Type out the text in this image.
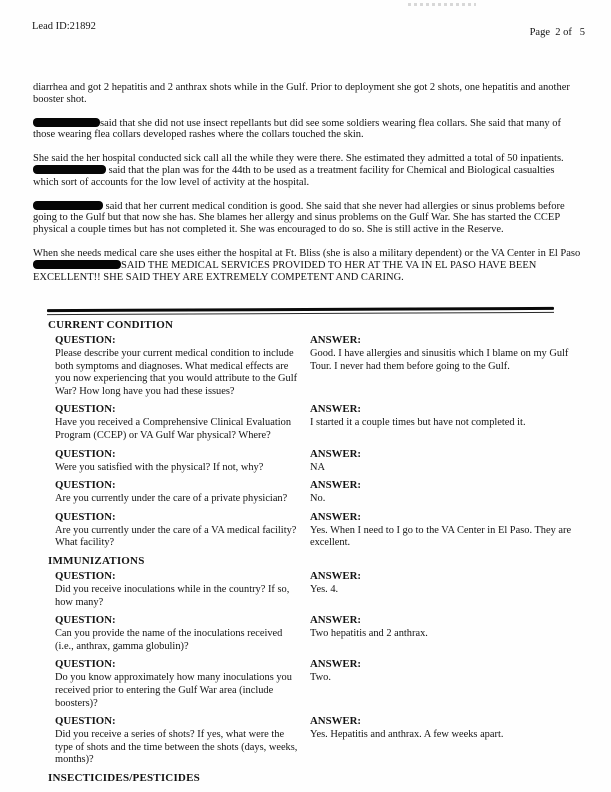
Lead ID:21892
Page  2 of   5
diarrhea and got 2 hepatitis and 2 anthrax shots while in the Gulf. Prior to deployment she got 2 shots, one hepatitis and another booster shot.
said that she did not use insect repellants but did see some soldiers wearing flea collars. She said that many of those wearing flea collars developed rashes where the collars touched the skin.
She said the her hospital conducted sick call all the while they were there. She estimated they admitted a total of 50 inpatients.  said that the plan was for the 44th to be used as a treatment facility for Chemical and Biological casualties which sort of accounts for the low level of activity at the hospital.
said that her current medical condition is good. She said that she never had allergies or sinus problems before going to the Gulf but that now she has. She blames her allergy and sinus problems on the Gulf War. She has started the CCEP physical a couple times but has not completed it. She was encouraged to do so. She is still active in the Reserve.
When she needs medical care she uses either the hospital at Ft. Bliss (she is also a military dependent) or the VA Center in El PasoSAID THE MEDICAL SERVICES PROVIDED TO HER AT THE VA IN EL PASO HAVE BEEN EXCELLENT!! SHE SAID THEY ARE EXTREMELY COMPETENT AND CARING.
CURRENT CONDITION
QUESTION:
Please describe your current medical condition to include both symptoms and diagnoses. What medical effects are you now experiencing that you would attribute to the Gulf War? How long have you had these issues?
ANSWER:
Good. I have allergies and sinusitis which I blame on my Gulf Tour. I never had them before going to the Gulf.
QUESTION:
Have you received a Comprehensive Clinical Evaluation Program (CCEP) or VA Gulf War physical? Where?
ANSWER:
I started it a couple times but have not completed it.
QUESTION:
Were you satisfied with the physical? If not, why?
ANSWER:
NA
QUESTION:
Are you currently under the care of a private physician?
ANSWER:
No.
QUESTION:
Are you currently under the care of a VA medical facility? What facility?
ANSWER:
Yes. When I need to I go to the VA Center in El Paso. They are excellent.
IMMUNIZATIONS
QUESTION:
Did you receive inoculations while in the country? If so, how many?
ANSWER:
Yes. 4.
QUESTION:
Can you provide the name of the inoculations received (i.e., anthrax, gamma globulin)?
ANSWER:
Two hepatitis and 2 anthrax.
QUESTION:
Do you know approximately how many inoculations you received prior to entering the Gulf War area (include boosters)?
ANSWER:
Two.
QUESTION:
Did you receive a series of shots? If yes, what were the type of shots and the time between the shots (days, weeks, months)?
ANSWER:
Yes. Hepatitis and anthrax. A few weeks apart.
INSECTICIDES/PESTICIDES
